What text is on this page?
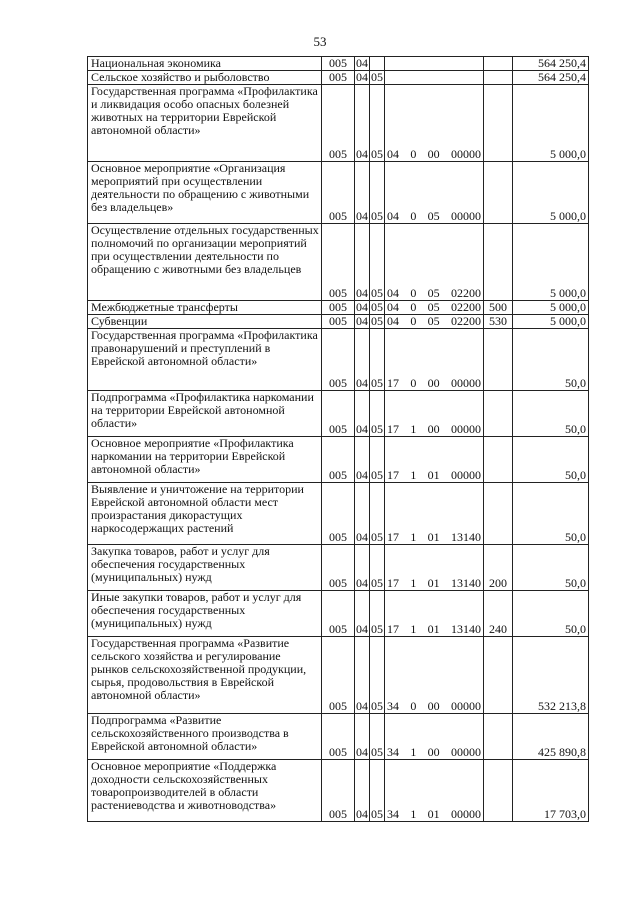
53
Национальная экономика	005	04				564 250,4
Сельское хозяйство и рыболовство	005	04	05			564 250,4
Государственная программа «Профилактика и ликвидация особо опасных болезней животных на территории Еврейской автономной области»	005	04	05	04 0 00 00000		5 000,0
Основное мероприятие «Организация мероприятий при осуществлении деятельности по обращению с животными без владельцев»	005	04	05	04 0 05 00000		5 000,0
Осуществление отдельных государственных полномочий по организации мероприятий при осуществлении деятельности по обращению с животными без владельцев	005	04	05	04 0 05 02200		5 000,0
Межбюджетные трансферты	005	04	05	04 0 05 02200	500	5 000,0
Субвенции	005	04	05	04 0 05 02200	530	5 000,0
Государственная программа «Профилактика правонарушений и преступлений в Еврейской автономной области»	005	04	05	17 0 00 00000		50,0
Подпрограмма «Профилактика наркомании на территории Еврейской автономной области»	005	04	05	17 1 00 00000		50,0
Основное мероприятие «Профилактика наркомании на территории Еврейской автономной области»	005	04	05	17 1 01 00000		50,0
Выявление и уничтожение на территории Еврейской автономной области мест произрастания дикорастущих наркосодержащих растений	005	04	05	17 1 01 13140		50,0
Закупка товаров, работ и услуг для обеспечения государственных (муниципальных) нужд	005	04	05	17 1 01 13140	200	50,0
Иные закупки товаров, работ и услуг для обеспечения государственных (муниципальных) нужд	005	04	05	17 1 01 13140	240	50,0
Государственная программа «Развитие сельского хозяйства и регулирование рынков сельскохозяйственной продукции, сырья, продовольствия в Еврейской автономной области»	005	04	05	34 0 00 00000		532 213,8
Подпрограмма «Развитие сельскохозяйственного производства в Еврейской автономной области»	005	04	05	34 1 00 00000		425 890,8
Основное мероприятие «Поддержка доходности сельскохозяйственных товаропроизводителей в области растениеводства и животноводства»	005	04	05	34 1 01 00000		17 703,0
